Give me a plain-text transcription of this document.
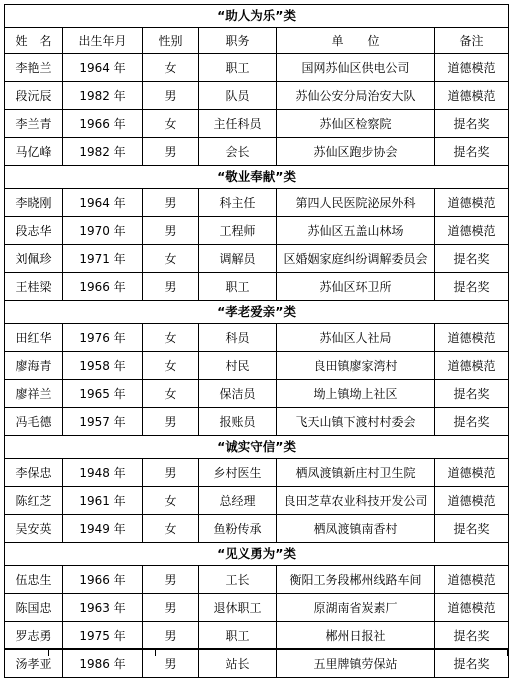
“助人为乐”类					
姓　名	出生年月	性别	职务	单　　位	备注
李艳兰	1964 年	女	职工	国网苏仙区供电公司	道德模范
段沅辰	1982 年	男	队员	苏仙公安分局治安大队	道德模范
李兰青	1966 年	女	主任科员	苏仙区检察院	提名奖
马亿峰	1982 年	男	会长	苏仙区跑步协会	提名奖
“敬业奉献”类					
李晓刚	1964 年	男	科主任	第四人民医院泌尿外科	道德模范
段志华	1970 年	男	工程师	苏仙区五盖山林场	道德模范
刘佩珍	1971 年	女	调解员	区婚姻家庭纠纷调解委员会	提名奖
王桂梁	1966 年	男	职工	苏仙区环卫所	提名奖
“孝老爱亲”类					
田红华	1976 年	女	科员	苏仙区人社局	道德模范
廖海青	1958 年	女	村民	良田镇廖家湾村	道德模范
廖祥兰	1965 年	女	保洁员	坳上镇坳上社区	提名奖
冯毛德	1957 年	男	报账员	飞天山镇下渡村村委会	提名奖
“诚实守信”类					
李保忠	1948 年	男	乡村医生	栖凤渡镇新庄村卫生院	道德模范
陈红芝	1961 年	女	总经理	良田芝草农业科技开发公司	道德模范
吴安英	1949 年	女	鱼粉传承	栖凤渡镇南香村	提名奖
“见义勇为”类					
伍忠生	1966 年	男	工长	衡阳工务段郴州线路车间	道德模范
陈国忠	1963 年	男	退休职工	原湖南省炭素厂	道德模范
罗志勇	1975 年	男	职工	郴州日报社	提名奖
汤孝亚	1986 年	男	站长	五里牌镇劳保站	提名奖
